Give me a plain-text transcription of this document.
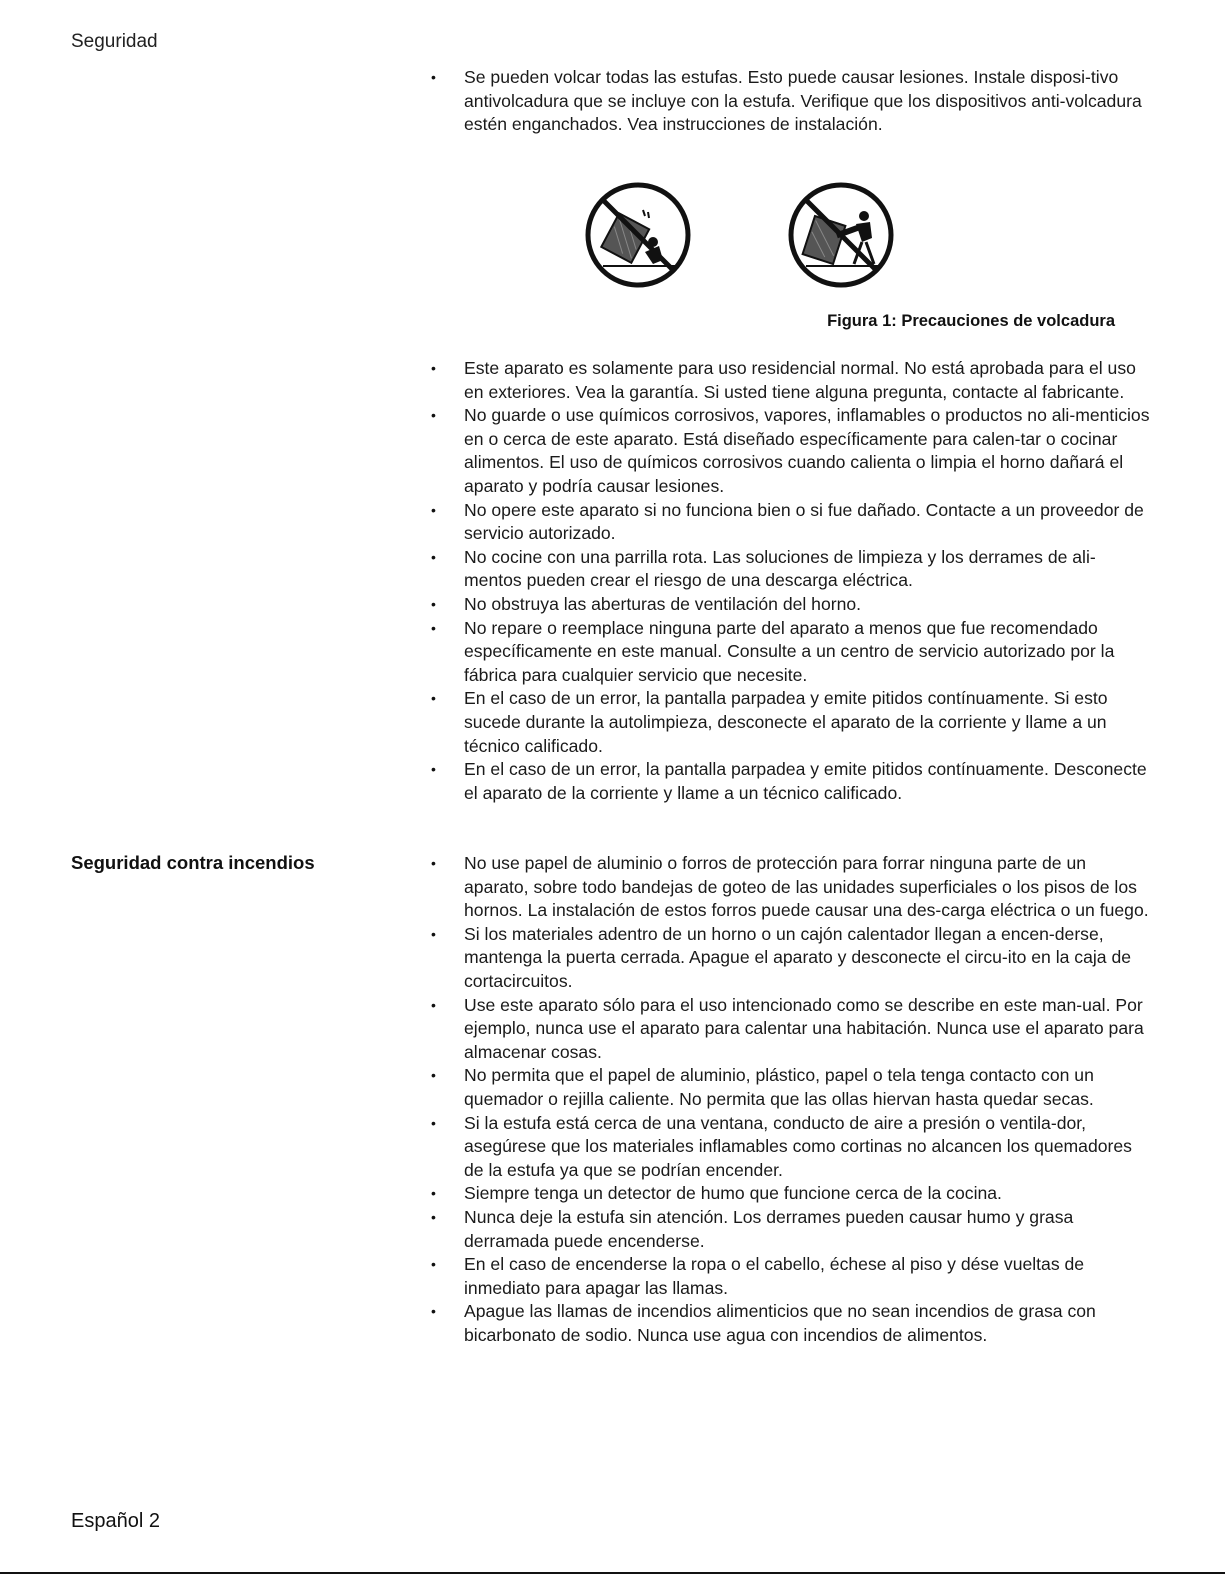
Seguridad
• Se pueden volcar todas las estufas. Esto puede causar lesiones. Instale disposi-tivo antivolcadura que se incluye con la estufa. Verifique que los dispositivos anti-volcadura estén enganchados. Vea instrucciones de instalación.
Figura 1: Precauciones de volcadura
• Este aparato es solamente para uso residencial normal. No está aprobada para el uso en exteriores. Vea la garantía. Si usted tiene alguna pregunta, contacte al fabricante.
• No guarde o use químicos corrosivos, vapores, inflamables o productos no ali-menticios en o cerca de este aparato. Está diseñado específicamente para calen-tar o cocinar alimentos. El uso de químicos corrosivos cuando calienta o limpia el horno dañará el aparato y podría causar lesiones.
• No opere este aparato si no funciona bien o si fue dañado. Contacte a un proveedor de servicio autorizado.
• No cocine con una parrilla rota. Las soluciones de limpieza y los derrames de ali-mentos pueden crear el riesgo de una descarga eléctrica.
• No obstruya las aberturas de ventilación del horno.
• No repare o reemplace ninguna parte del aparato a menos que fue recomendado específicamente en este manual. Consulte a un centro de servicio autorizado por la fábrica para cualquier servicio que necesite.
• En el caso de un error, la pantalla parpadea y emite pitidos contínuamente. Si esto sucede durante la autolimpieza, desconecte el aparato de la corriente y llame a un técnico calificado.
• En el caso de un error, la pantalla parpadea y emite pitidos contínuamente. Desconecte el aparato de la corriente y llame a un técnico calificado.
Seguridad contra incendios
•	No use papel de aluminio o forros de protección para forrar ninguna parte de un aparato, sobre todo bandejas de goteo de las unidades superficiales o los pisos de los hornos. La instalación de estos forros puede causar una des-carga eléctrica o un fuego.
• Si los materiales adentro de un horno o un cajón calentador llegan a encen-derse, mantenga la puerta cerrada. Apague el aparato y desconecte el circu-ito en la caja de cortacircuitos.
• Use este aparato sólo para el uso intencionado como se describe en este man-ual. Por ejemplo, nunca use el aparato para calentar una habitación. Nunca use el aparato para almacenar cosas.
• No permita que el papel de aluminio, plástico, papel o tela tenga contacto con un quemador o rejilla caliente. No permita que las ollas hiervan hasta quedar secas.
• Si la estufa está cerca de una ventana, conducto de aire a presión o ventila-dor, asegúrese que los materiales inflamables como cortinas no alcancen los quemadores de la estufa ya que se podrían encender.
• Siempre tenga un detector de humo que funcione cerca de la cocina.
• Nunca deje la estufa sin atención. Los derrames pueden causar humo y grasa derramada puede encenderse.
• En el caso de encenderse la ropa o el cabello, échese al piso y dése vueltas de inmediato para apagar las llamas.
• Apague las llamas de incendios alimenticios que no sean incendios de grasa con bicarbonato de sodio. Nunca use agua con incendios de alimentos.
Español 2
